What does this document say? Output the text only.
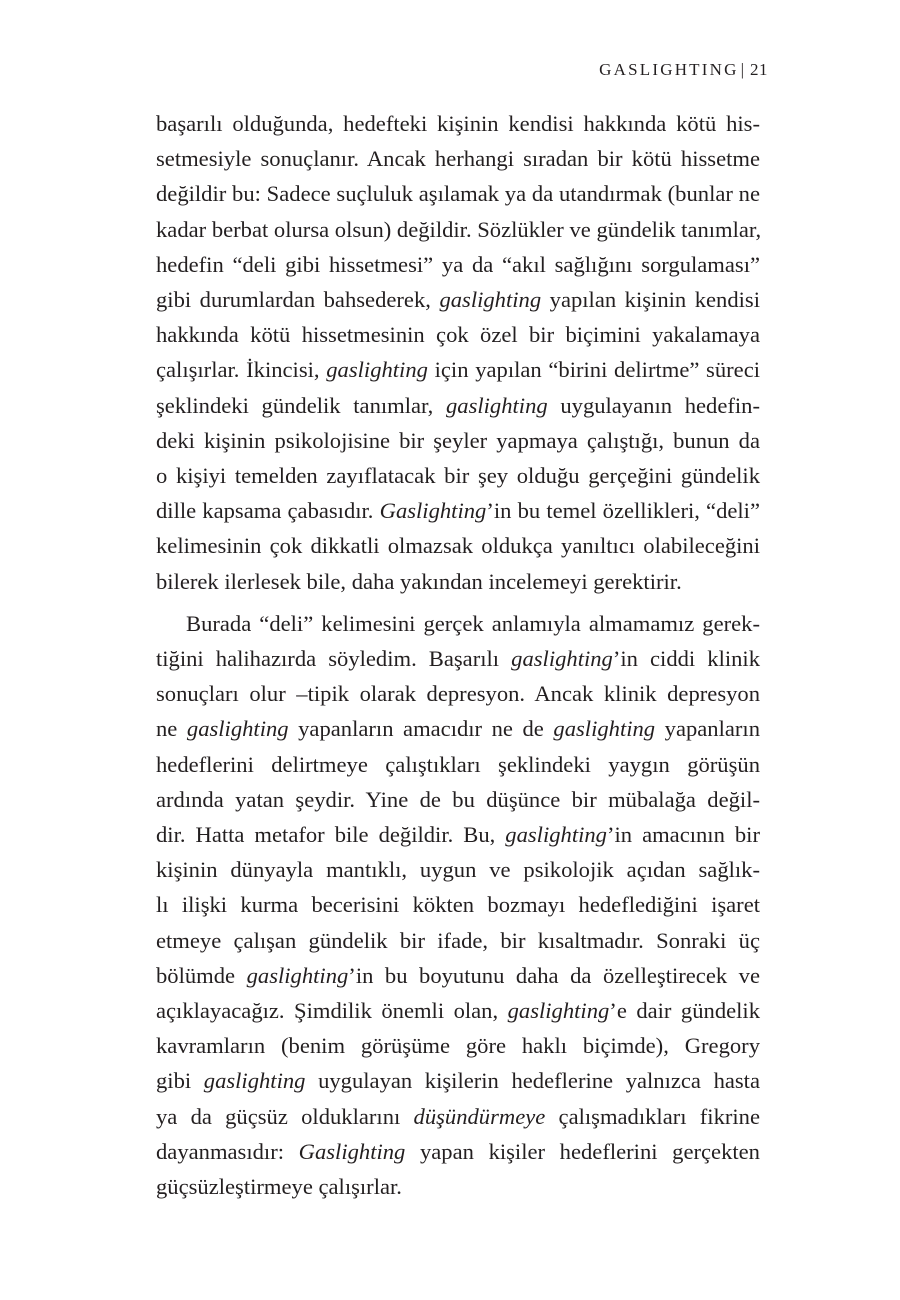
GASLIGHTING | 21

başarılı olduğunda, hedefteki kişinin kendisi hakkında kötü his-
setmesiyle sonuçlanır. Ancak herhangi sıradan bir kötü hissetme
değildir bu: Sadece suçluluk aşılamak ya da utandırmak (bunlar ne
kadar berbat olursa olsun) değildir. Sözlükler ve gündelik tanımlar,
hedefin “deli gibi hissetmesi” ya da “akıl sağlığını sorgulaması”
gibi durumlardan bahsederek, gaslighting yapılan kişinin kendisi
hakkında kötü hissetmesinin çok özel bir biçimini yakalamaya
çalışırlar. İkincisi, gaslighting için yapılan “birini delirtme” süreci
şeklindeki gündelik tanımlar, gaslighting uygulayanın hedefin-
deki kişinin psikolojisine bir şeyler yapmaya çalıştığı, bunun da
o kişiyi temelden zayıflatacak bir şey olduğu gerçeğini gündelik
dille kapsama çabasıdır. Gaslighting’in bu temel özellikleri, “deli”
kelimesinin çok dikkatli olmazsak oldukça yanıltıcı olabileceğini
bilerek ilerlesek bile, daha yakından incelemeyi gerektirir.

Burada “deli” kelimesini gerçek anlamıyla almamamız gerek-
tiğini halihazırda söyledim. Başarılı gaslighting’in ciddi klinik
sonuçları olur –tipik olarak depresyon. Ancak klinik depresyon
ne gaslighting yapanların amacıdır ne de gaslighting yapanların
hedeflerini delirtmeye çalıştıkları şeklindeki yaygın görüşün
ardında yatan şeydir. Yine de bu düşünce bir mübalağa değil-
dir. Hatta metafor bile değildir. Bu, gaslighting’in amacının bir
kişinin dünyayla mantıklı, uygun ve psikolojik açıdan sağlık-
lı ilişki kurma becerisini kökten bozmayı hedeflediğini işaret
etmeye çalışan gündelik bir ifade, bir kısaltmadır. Sonraki üç
bölümde gaslighting’in bu boyutunu daha da özelleştirecek ve
açıklayacağız. Şimdilik önemli olan, gaslighting’e dair gündelik
kavramların (benim görüşüme göre haklı biçimde), Gregory
gibi gaslighting uygulayan kişilerin hedeflerine yalnızca hasta
ya da güçsüz olduklarını düşündürmeye çalışmadıkları fikrine
dayanmasıdır: Gaslighting yapan kişiler hedeflerini gerçekten
güçsüzleştirmeye çalışırlar.
